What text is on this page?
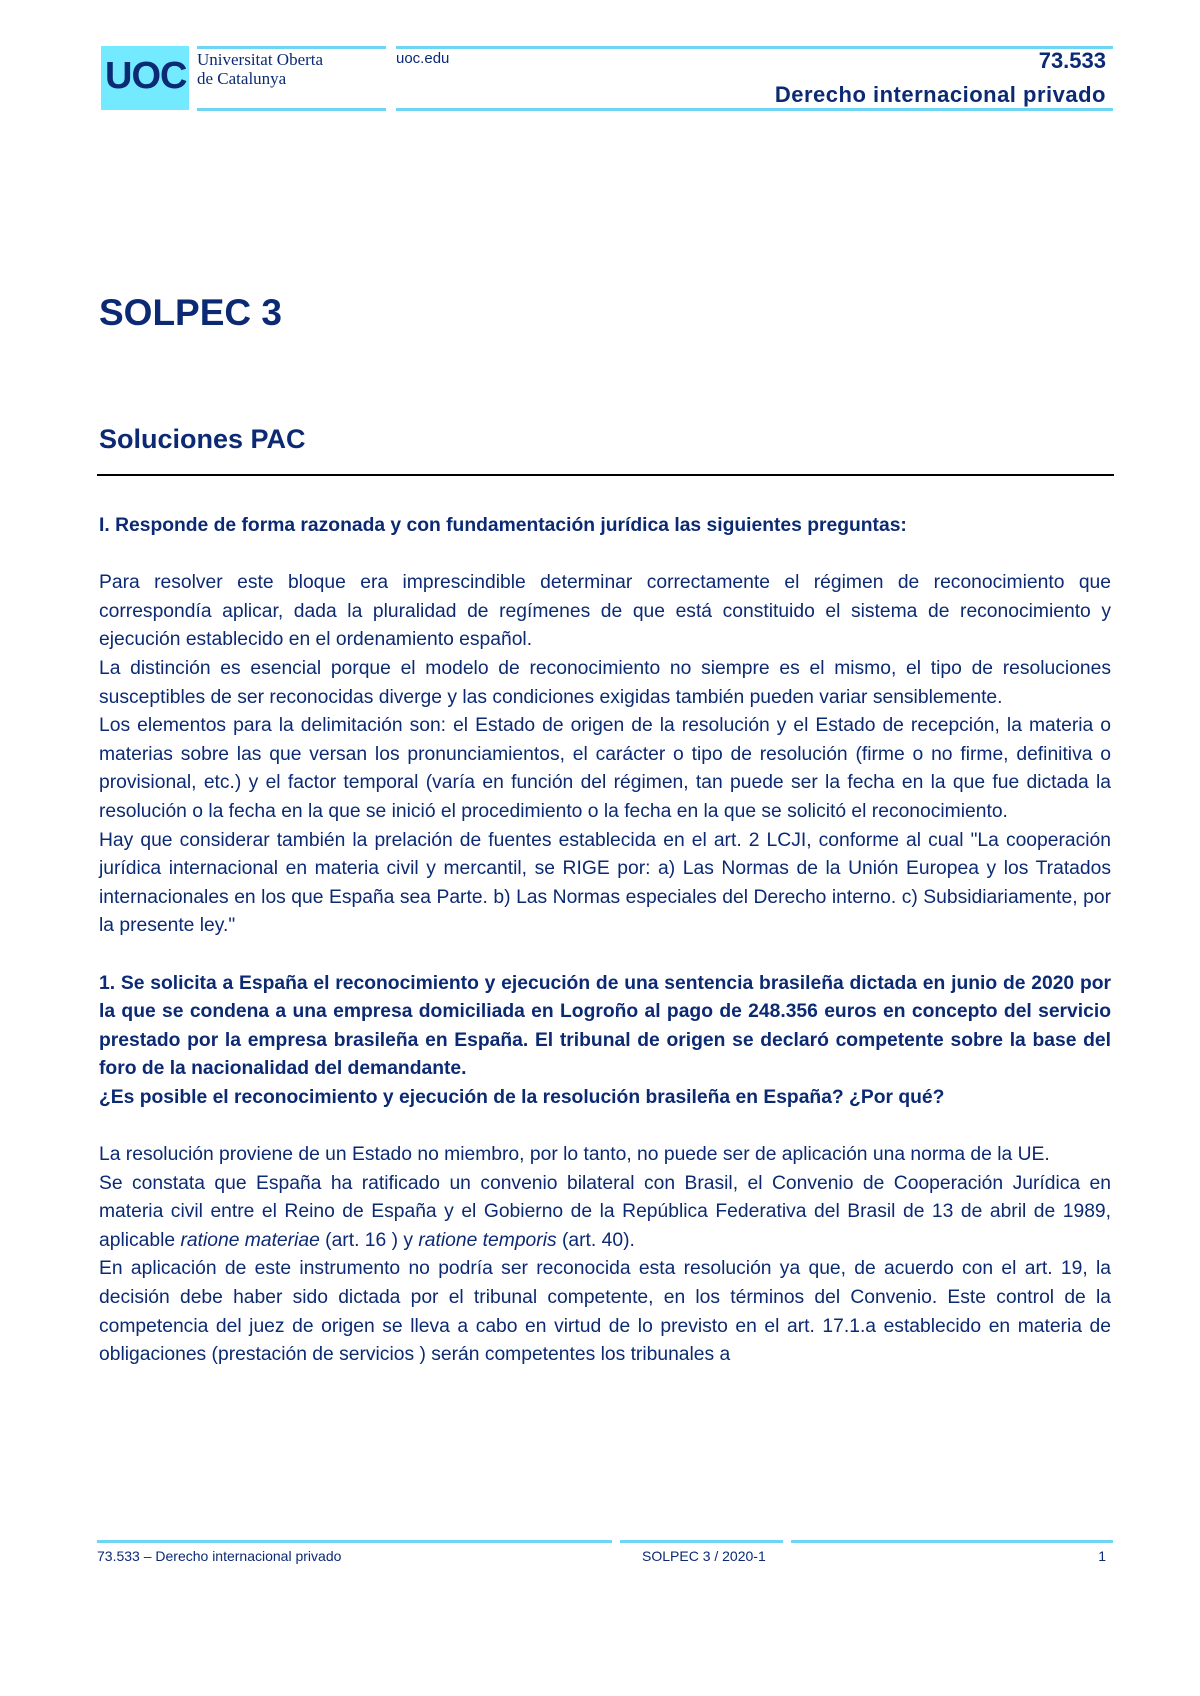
UOC Universitat Oberta
de Catalunya
uoc.edu	73.533
Derecho internacional privado
SOLPEC 3
Soluciones PAC

I. Responde de forma razonada y con fundamentación jurídica las siguientes preguntas:

Para resolver este bloque era imprescindible determinar correctamente el régimen de reconocimiento que correspondía aplicar, dada la pluralidad de regímenes de que está constituido el sistema de reconocimiento y ejecución establecido en el ordenamiento español.

La distinción es esencial porque el modelo de reconocimiento no siempre es el mismo, el tipo de resoluciones susceptibles de ser reconocidas diverge y las condiciones exigidas también pueden variar sensiblemente.

Los elementos para la delimitación son: el Estado de origen de la resolución y el Estado de recepción, la materia o materias sobre las que versan los pronunciamientos, el carácter o tipo de resolución (firme o no firme, definitiva o provisional, etc.) y el factor temporal (varía en función del régimen, tan puede ser la fecha en la que fue dictada la resolución o la fecha en la que se inició el procedimiento o la fecha en la que se solicitó el reconocimiento.

Hay que considerar también la prelación de fuentes establecida en el art. 2 LCJI, conforme al cual "La cooperación jurídica internacional en materia civil y mercantil, se RIGE por: a) Las Normas de la Unión Europea y los Tratados internacionales en los que España sea Parte. b) Las Normas especiales del Derecho interno. c) Subsidiariamente, por la presente ley."

1. Se solicita a España el reconocimiento y ejecución de una sentencia brasileña dictada en junio de 2020 por la que se condena a una empresa domiciliada en Logroño al pago de 248.356 euros en concepto del servicio prestado por la empresa brasileña en España. El tribunal de origen se declaró competente sobre la base del foro de la nacionalidad del demandante.

¿Es posible el reconocimiento y ejecución de la resolución brasileña en España? ¿Por qué?

La resolución proviene de un Estado no miembro, por lo tanto, no puede ser de aplicación una norma de la UE.

Se constata que España ha ratificado un convenio bilateral con Brasil, el Convenio de Cooperación Jurídica en materia civil entre el Reino de España y el Gobierno de la República Federativa del Brasil de 13 de abril de 1989, aplicable ratione materiae (art. 16 ) y ratione temporis (art. 40).

En aplicación de este instrumento no podría ser reconocida esta resolución ya que, de acuerdo con el art. 19, la decisión debe haber sido dictada por el tribunal competente, en los términos del Convenio. Este control de la competencia del juez de origen se lleva a cabo en virtud de lo previsto en el art. 17.1.a establecido en materia de obligaciones (prestación de servicios ) serán competentes los tribunales a

73.533 – Derecho internacional privado	SOLPEC 3 / 2020-1	1
